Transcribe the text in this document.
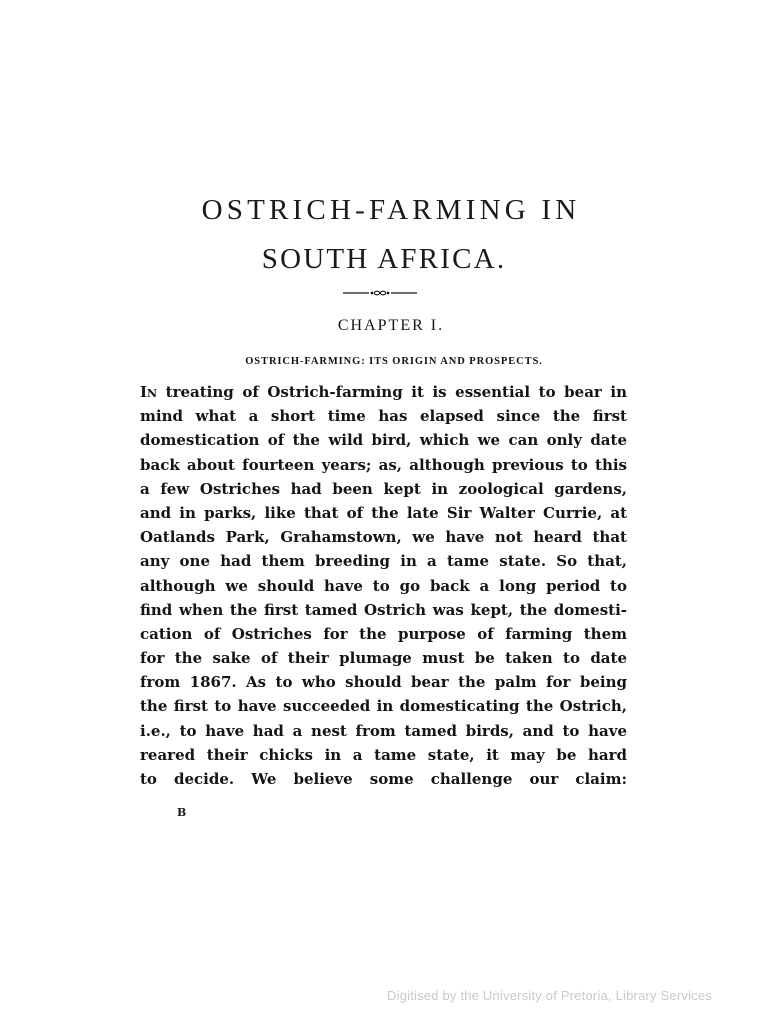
OSTRICH-FARMING IN
SOUTH AFRICA.
CHAPTER I.
OSTRICH-FARMING: ITS ORIGIN AND PROSPECTS.
In treating of Ostrich-farming it is essential to bear in
mind what a short time has elapsed since the first
domestication of the wild bird, which we can only date
back about fourteen years; as, although previous to this
a few Ostriches had been kept in zoological gardens,
and in parks, like that of the late Sir Walter Currie, at
Oatlands Park, Grahamstown, we have not heard that
any one had them breeding in a tame state. So that,
although we should have to go back a long period to
find when the first tamed Ostrich was kept, the domesti-
cation of Ostriches for the purpose of farming them
for the sake of their plumage must be taken to date
from 1867. As to who should bear the palm for being
the first to have succeeded in domesticating the Ostrich,
i.e., to have had a nest from tamed birds, and to have
reared their chicks in a tame state, it may be hard
to decide. We believe some challenge our claim:
B
Digitised by the University of Pretoria, Library Services
